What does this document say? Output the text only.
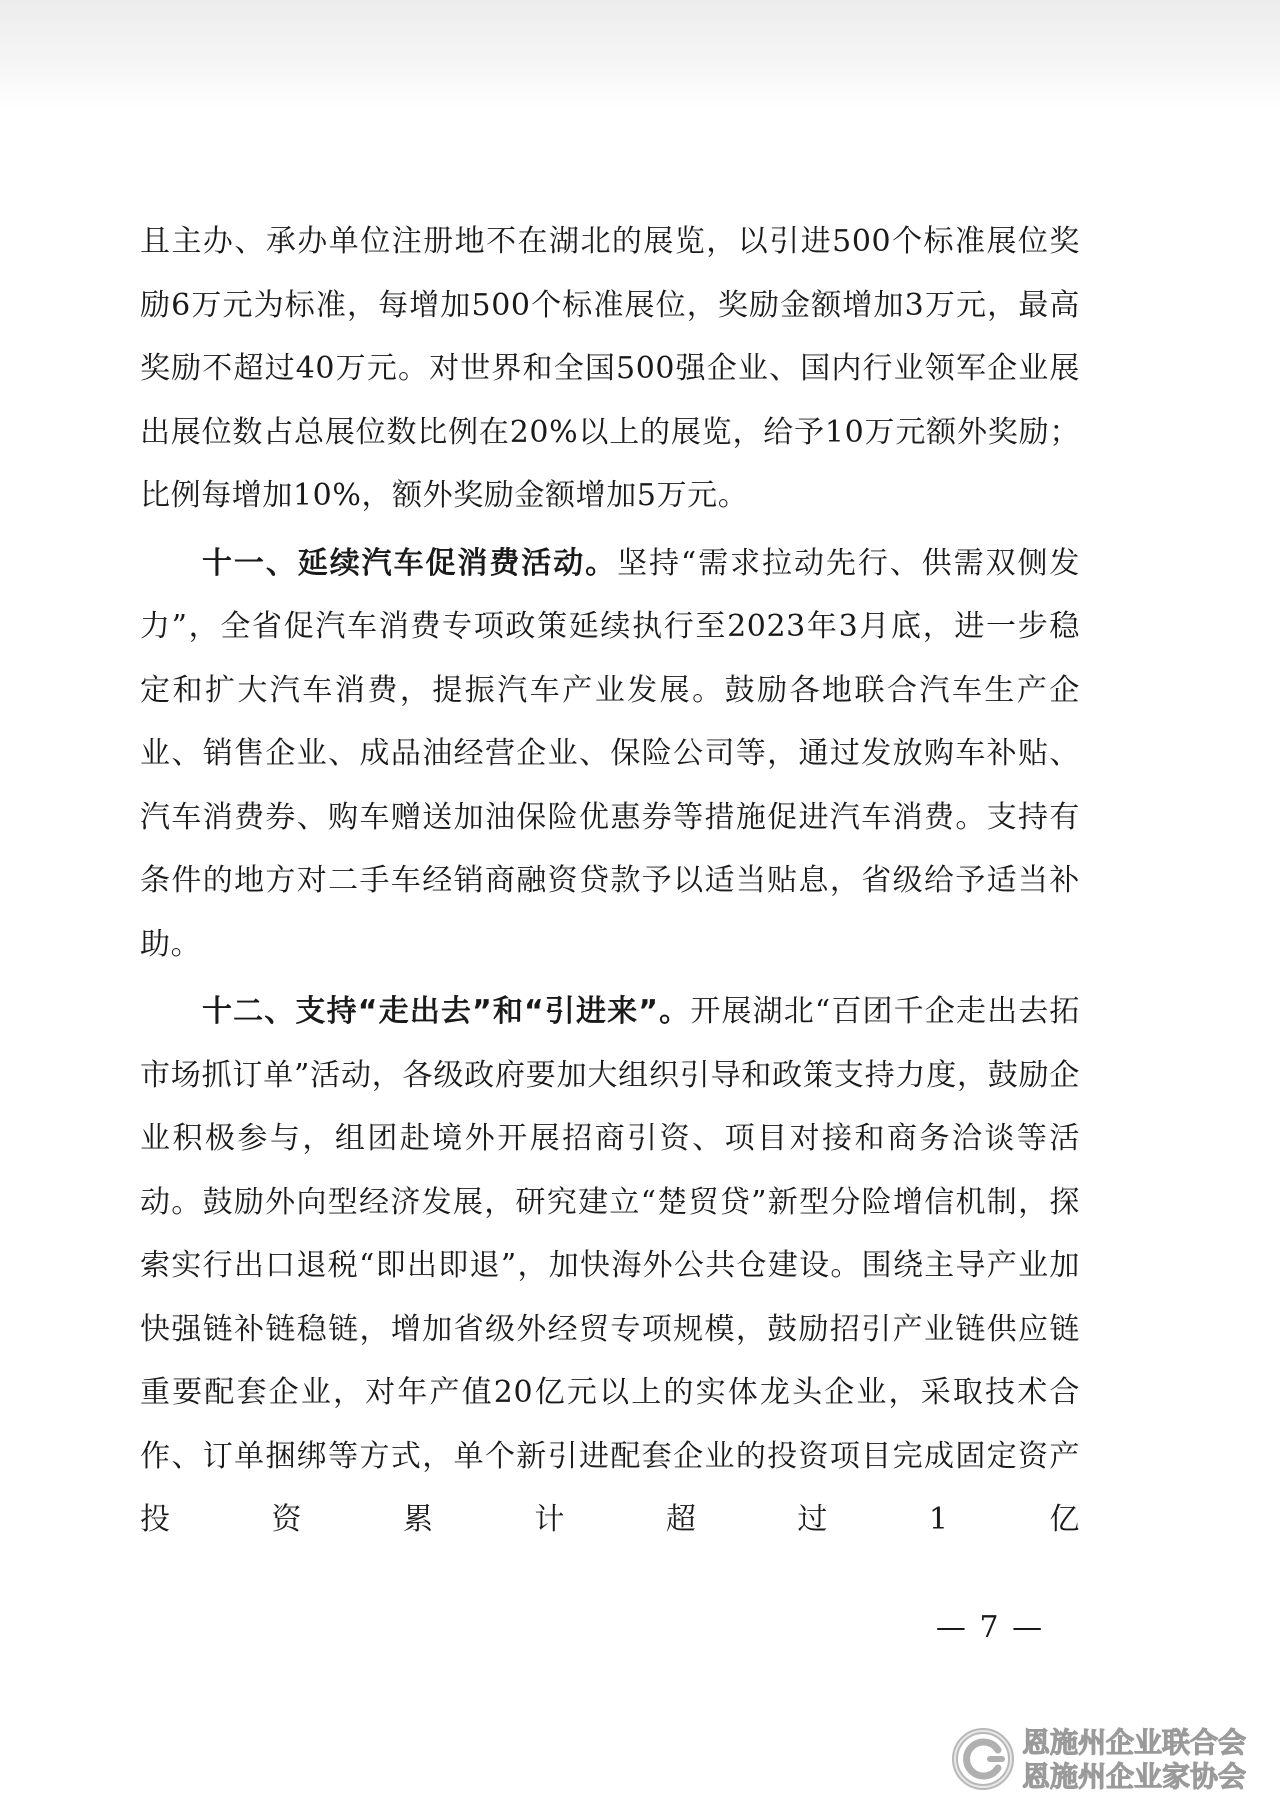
且主办、承办单位注册地不在湖北的展览，以引进500个标准展位奖励6万元为标准，每增加500个标准展位，奖励金额增加3万元，最高奖励不超过40万元。对世界和全国500强企业、国内行业领军企业展出展位数占总展位数比例在20%以上的展览，给予10万元额外奖励；比例每增加10%，额外奖励金额增加5万元。

十一、延续汽车促消费活动。坚持“需求拉动先行、供需双侧发力”，全省促汽车消费专项政策延续执行至2023年3月底，进一步稳定和扩大汽车消费，提振汽车产业发展。鼓励各地联合汽车生产企业、销售企业、成品油经营企业、保险公司等，通过发放购车补贴、汽车消费券、购车赠送加油保险优惠券等措施促进汽车消费。支持有条件的地方对二手车经销商融资贷款予以适当贴息，省级给予适当补助。

十二、支持“走出去”和“引进来”。开展湖北“百团千企走出去拓市场抓订单”活动，各级政府要加大组织引导和政策支持力度，鼓励企业积极参与，组团赴境外开展招商引资、项目对接和商务洽谈等活动。鼓励外向型经济发展，研究建立“楚贸贷”新型分险增信机制，探索实行出口退税“即出即退”，加快海外公共仓建设。围绕主导产业加快强链补链稳链，增加省级外经贸专项规模，鼓励招引产业链供应链重要配套企业，对年产值20亿元以上的实体龙头企业，采取技术合作、订单捆绑等方式，单个新引进配套企业的投资项目完成固定资产投资累计超过1亿

— 7 —
恩施州企业联合会
恩施州企业家协会
